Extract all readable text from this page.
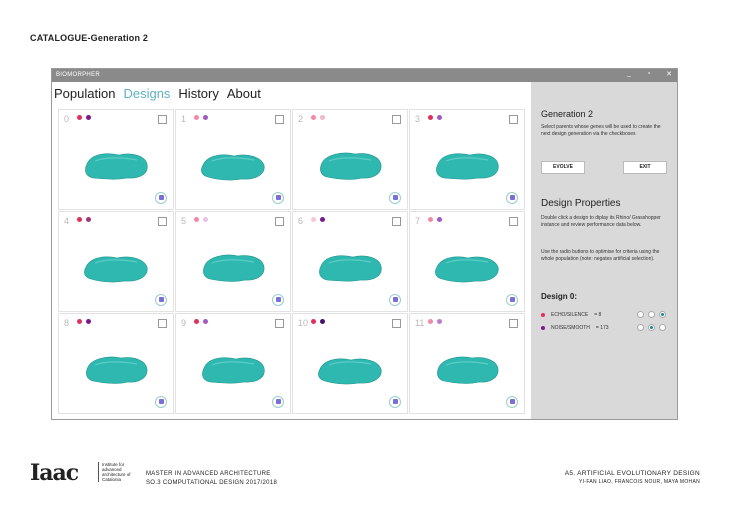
CATALOGUE-Generation 2
BIOMORPHER	_	▫	✕
Population Designs History About
0	1	2	3
4	5	6	7
8	9	10	11
Generation 2
Select parents whose genes will be used to create the next design generation via the checkboxes
EVOLVE	EXIT
Design Properties
Double click a design to diplay its Rhino/ Grasshopper instance and review performance data below.
Use the radio buttons to optimise for criteria using the whole population (note: negates artificial selection).
Design 0:
ECHO/SILENCE = 8
NOISE/SMOOTH = 173
Iaac	Institute for advanced architecture of Catalonia
MASTER IN ADVANCED ARCHITECTURE
SO.3 COMPUTATIONAL DESIGN 2017/2018
A5. ARTIFICIAL EVOLUTIONARY DESIGN
YI-FAN LIAO, FRANCOIS NOUR, MAYA MOHAN
